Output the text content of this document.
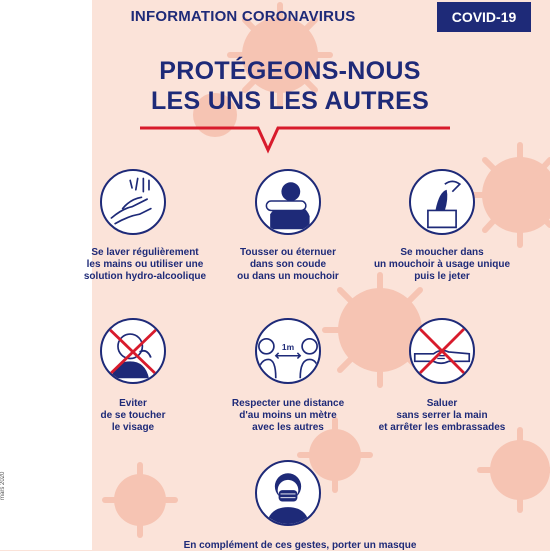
mars 2020
INFORMATION CORONAVIRUS	COVID-19
PROTÉGEONS-NOUS
LES UNS LES AUTRES
Se laver régulièrement
les mains ou utiliser une
solution hydro-alcoolique
Tousser ou éternuer
dans son coude
ou dans un mouchoir
Se moucher dans
un mouchoir à usage unique
puis le jeter
Eviter
de se toucher
le visage
1m
Respecter une distance
d'au moins un mètre
avec les autres
Saluer
sans serrer la main
et arrêter les embrassades
En complément de ces gestes, porter un masque
